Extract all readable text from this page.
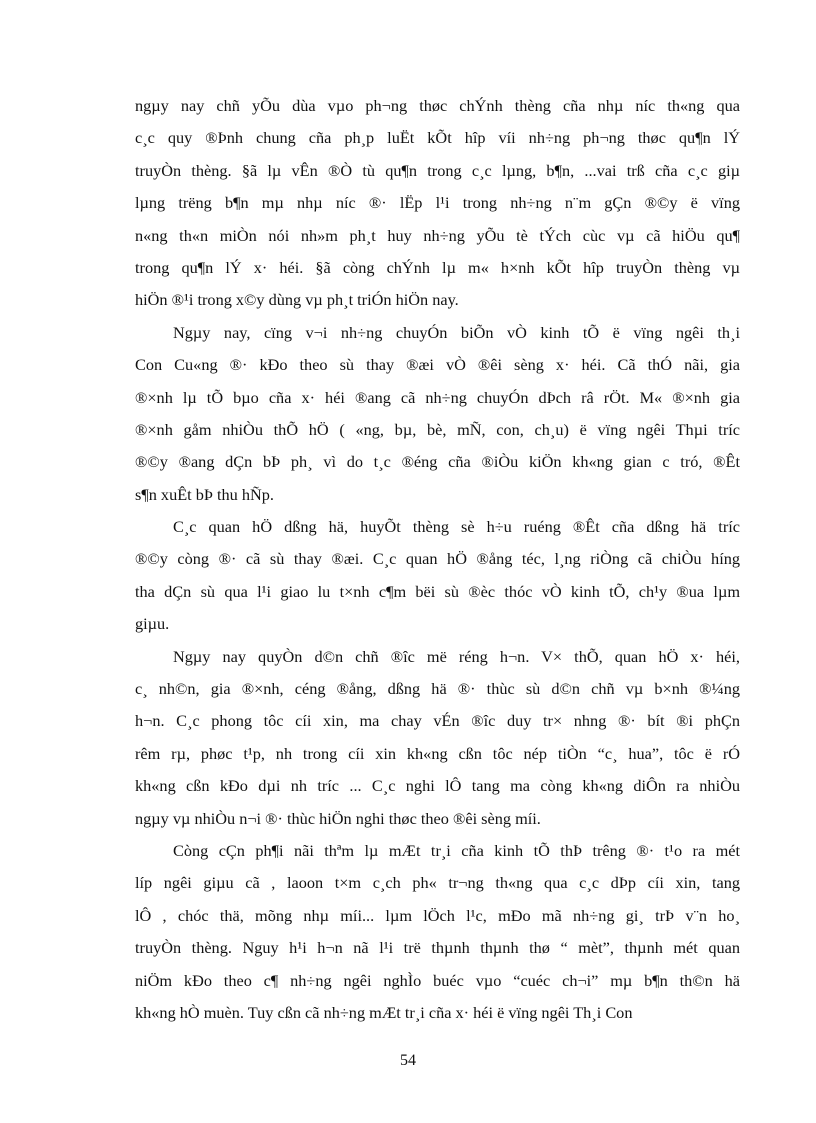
ngµy nay chñ yÕu dùa vµo ph¬ng thøc chÝnh thèng cña nhµ níc th«ng qua
c¸c quy ®Þnh chung cña ph¸p luËt kÕt hîp víi nh÷ng ph¬ng thøc qu¶n lÝ
truyÒn thèng. §ã lµ vÊn ®Ò tù qu¶n trong c¸c lµng, b¶n, ...vai trß cña c¸c giµ
lµng trëng b¶n mµ nhµ níc ®· lËp l¹i trong nh÷ng n¨m gÇn ®©y ë vïng
n«ng th«n miÒn nói nh»m ph¸t huy nh÷ng yÕu tè tÝch cùc vµ cã hiÖu qu¶
trong qu¶n lÝ x· héi. §ã còng chÝnh lµ m« h×nh kÕt hîp truyÒn thèng vµ
hiÖn ®¹i trong x©y dùng vµ ph¸t triÓn hiÖn nay.
Ngµy nay, cïng v¬i nh÷ng chuyÓn biÕn vÒ kinh tÕ ë vïng ngêi th¸i
Con Cu«ng ®· kÐo theo sù thay ®æi vÒ ®êi sèng x· héi. Cã thÓ nãi, gia
®×nh lµ tÕ bµo cña x· héi ®ang cã nh÷ng chuyÓn dÞch râ rÖt. M« ®×nh gia
®×nh gåm nhiÒu thÕ hÖ ( «ng, bµ, bè, mÑ, con, ch¸u) ë vïng ngêi Thµi tríc
®©y ®ang dÇn bÞ ph¸ vì do t¸c ®éng cña ®iÒu kiÖn kh«ng gian c tró, ®Êt
s¶n xuÊt bÞ thu hÑp.
C¸c quan hÖ dßng hä, huyÕt thèng sè h÷u ruéng ®Êt cña dßng hä tríc
®©y còng ®· cã sù thay ®æi. C¸c quan hÖ ®ång téc, l¸ng riÒng cã chiÒu híng
tha dÇn sù qua l¹i giao lu t×nh c¶m bëi sù ®èc thóc vÒ kinh tÕ, ch¹y ®ua lµm
giµu.
Ngµy nay quyÒn d©n chñ ®îc më réng h¬n. V× thÕ, quan hÖ x· héi,
c¸ nh©n, gia ®×nh, céng ®ång, dßng hä ®· thùc sù d©n chñ vµ b×nh ®¼ng
h¬n. C¸c phong tôc cíi xin, ma chay vÉn ®îc duy tr× nhng ®· bít ®i phÇn
rêm rµ, phøc t¹p, nh trong cíi xin kh«ng cßn tôc nép tiÒn “c¸ hua”, tôc ë rÓ
kh«ng cßn kÐo dµi nh tríc ... C¸c nghi lÔ tang ma còng kh«ng diÔn ra nhiÒu
ngµy vµ nhiÒu n¬i ®· thùc hiÖn nghi thøc theo ®êi sèng míi.
Còng cÇn ph¶i nãi thªm lµ mÆt tr¸i cña kinh tÕ thÞ trêng ®· t¹o ra mét
líp ngêi giµu cã , laoon t×m c¸ch ph« tr¬ng th«ng qua c¸c dÞp cíi xin, tang
lÔ , chóc thä, mõng nhµ míi... lµm lÖch l¹c, mÐo mã nh÷ng gi¸ trÞ v¨n ho¸
truyÒn thèng. Nguy h¹i h¬n nã l¹i trë thµnh thµnh thø “ mèt”, thµnh mét quan
niÖm kÐo theo c¶ nh÷ng ngêi nghÌo buéc vµo “cuéc ch¬i” mµ b¶n th©n hä
kh«ng hÒ muèn. Tuy cßn cã nh÷ng mÆt tr¸i cña x· héi ë vïng ngêi Th¸i Con
54
